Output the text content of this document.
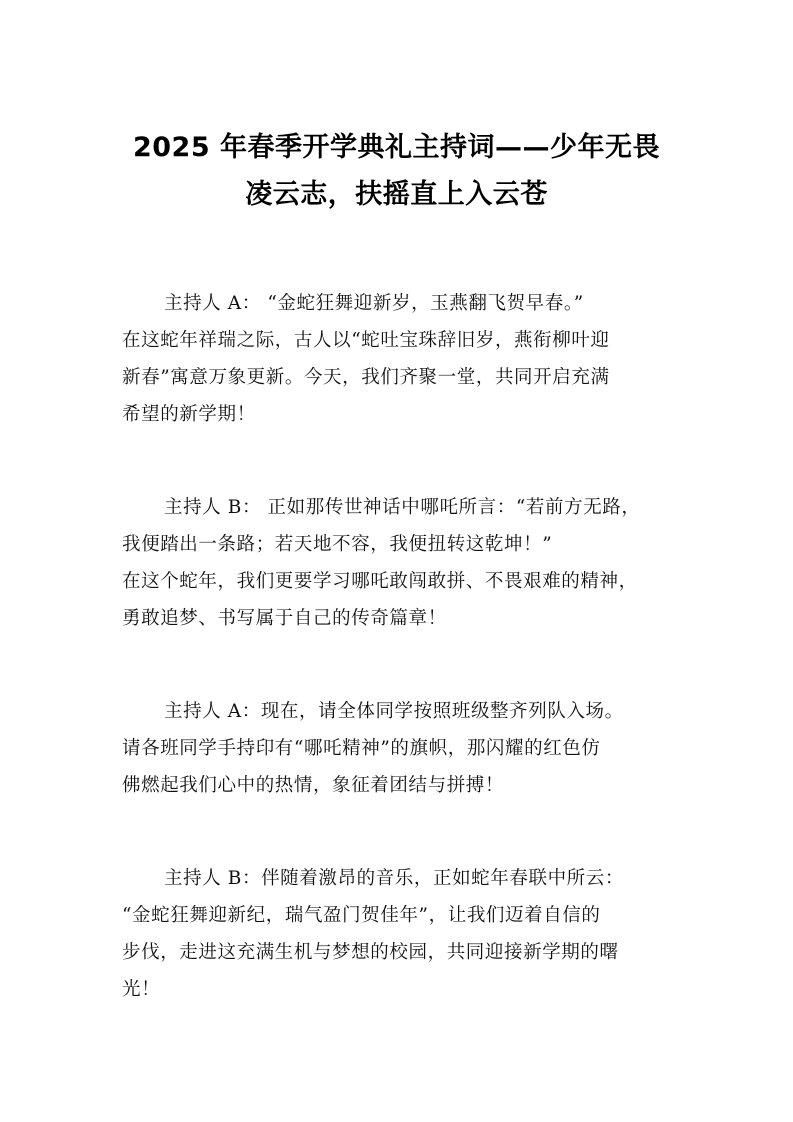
2025 年春季开学典礼主持词——少年无畏
凌云志，扶摇直上入云苍
主持人 A： “金蛇狂舞迎新岁，玉燕翻飞贺早春。”
在这蛇年祥瑞之际，古人以“蛇吐宝珠辞旧岁，燕衔柳叶迎
新春”寓意万象更新。今天，我们齐聚一堂，共同开启充满
希望的新学期！
主持人 B： 正如那传世神话中哪吒所言：“若前方无路，
我便踏出一条路；若天地不容，我便扭转这乾坤！”
在这个蛇年，我们更要学习哪吒敢闯敢拼、不畏艰难的精神，
勇敢追梦、书写属于自己的传奇篇章！
主持人 A：现在，请全体同学按照班级整齐列队入场。
请各班同学手持印有“哪吒精神”的旗帜，那闪耀的红色仿
佛燃起我们心中的热情，象征着团结与拼搏！
主持人 B：伴随着激昂的音乐，正如蛇年春联中所云：
“金蛇狂舞迎新纪，瑞气盈门贺佳年”，让我们迈着自信的
步伐，走进这充满生机与梦想的校园，共同迎接新学期的曙
光！
